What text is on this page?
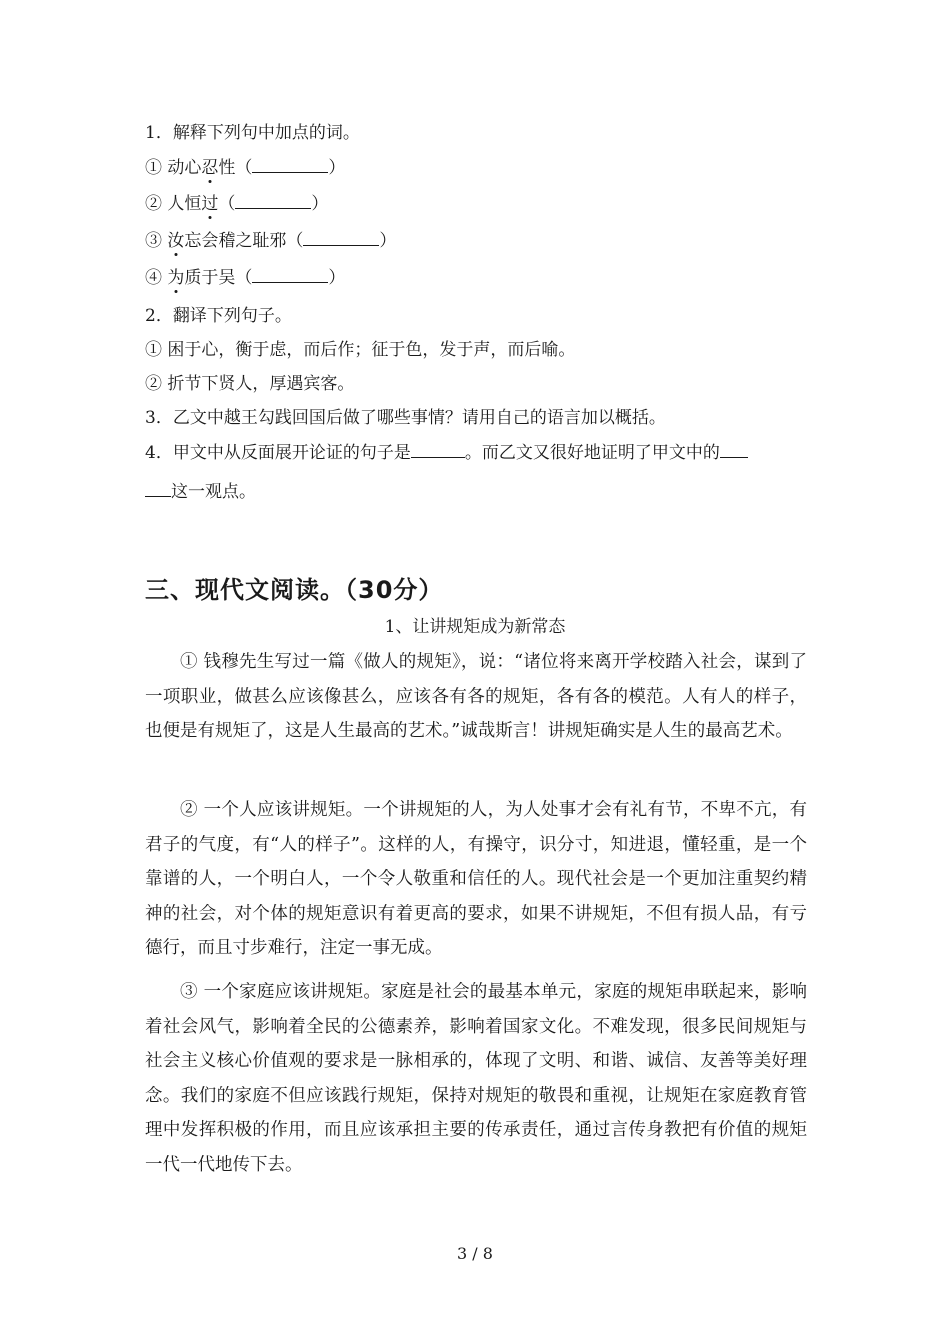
1．解释下列句中加点的词。
① 动心忍性（	）
② 人恒过（	）
③ 汝忘会稽之耻邪（	）
④ 为质于吴（	）
2．翻译下列句子。
① 困于心，衡于虑，而后作；征于色，发于声，而后喻。
② 折节下贤人，厚遇宾客。
3．乙文中越王勾践回国后做了哪些事情？请用自己的语言加以概括。
4．甲文中从反面展开论证的句子是	。而乙文又很好地证明了甲文中的
这一观点。
三、现代文阅读。（30分）
1、让讲规矩成为新常态
① 钱穆先生写过一篇《做人的规矩》，说：“诸位将来离开学校踏入社会，谋到了一项职业，做甚么应该像甚么，应该各有各的规矩，各有各的模范。人有人的样子，也便是有规矩了，这是人生最高的艺术。”诚哉斯言！讲规矩确实是人生的最高艺术。
② 一个人应该讲规矩。一个讲规矩的人，为人处事才会有礼有节，不卑不亢，有君子的气度，有“人的样子”。这样的人，有操守，识分寸，知进退，懂轻重，是一个靠谱的人，一个明白人，一个令人敬重和信任的人。现代社会是一个更加注重契约精神的社会，对个体的规矩意识有着更高的要求，如果不讲规矩，不但有损人品，有亏德行，而且寸步难行，注定一事无成。
③ 一个家庭应该讲规矩。家庭是社会的最基本单元，家庭的规矩串联起来，影响着社会风气，影响着全民的公德素养，影响着国家文化。不难发现，很多民间规矩与社会主义核心价值观的要求是一脉相承的，体现了文明、和谐、诚信、友善等美好理念。我们的家庭不但应该践行规矩，保持对规矩的敬畏和重视，让规矩在家庭教育管理中发挥积极的作用，而且应该承担主要的传承责任，通过言传身教把有价值的规矩一代一代地传下去。
3 / 8
